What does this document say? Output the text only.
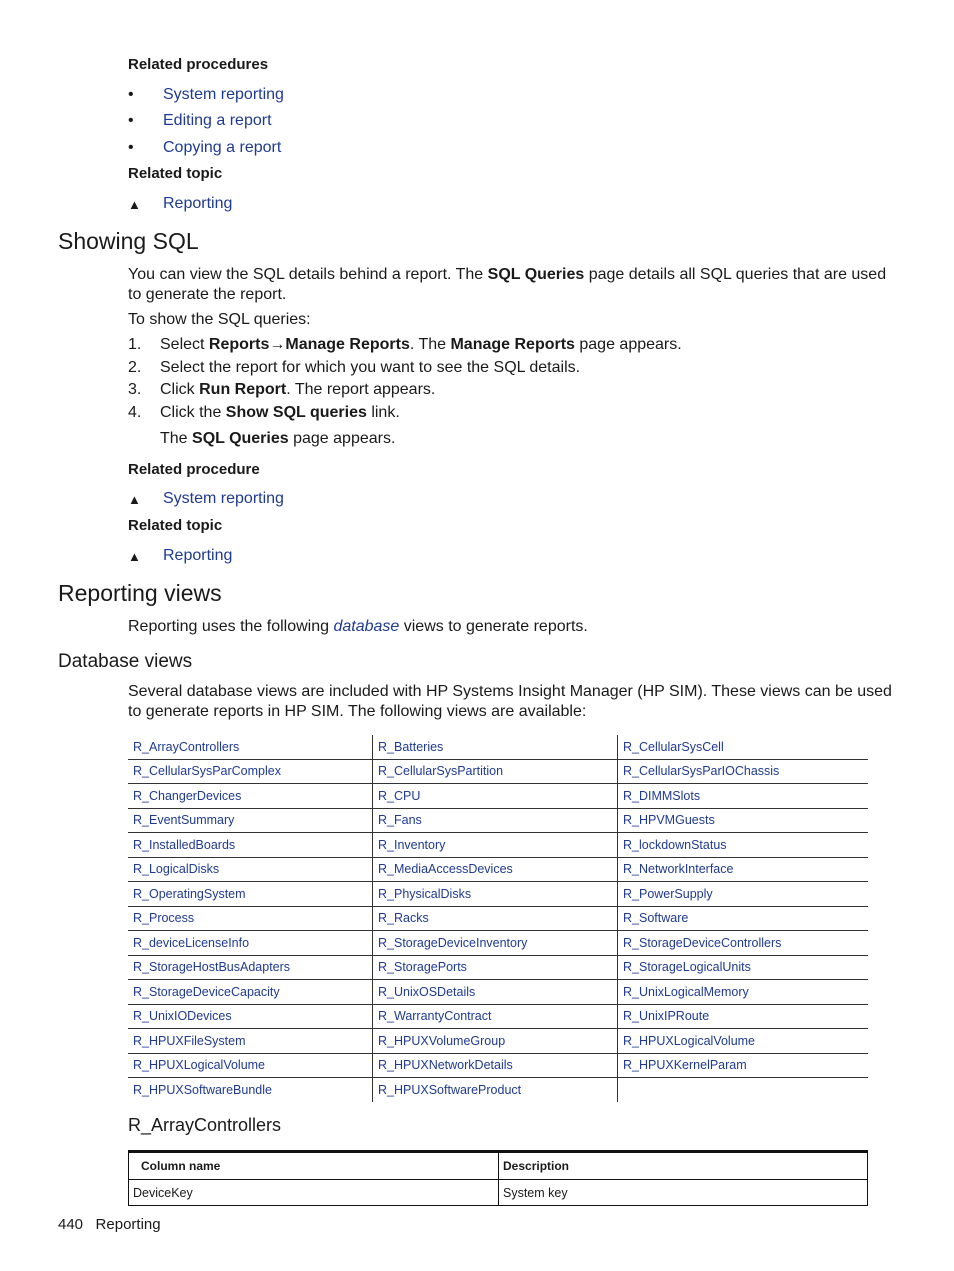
Related procedures
• System reporting
• Editing a report
• Copying a report
Related topic
▲ Reporting
Showing SQL
You can view the SQL details behind a report. The SQL Queries page details all SQL queries that are used
to generate the report.
To show the SQL queries:
1. Select Reports→Manage Reports. The Manage Reports page appears.
2. Select the report for which you want to see the SQL details.
3. Click Run Report. The report appears.
4. Click the Show SQL queries link.
The SQL Queries page appears.
Related procedure
▲ System reporting
Related topic
▲ Reporting
Reporting views
Reporting uses the following database views to generate reports.
Database views
Several database views are included with HP Systems Insight Manager (HP SIM). These views can be used
to generate reports in HP SIM. The following views are available:
R_ArrayControllers	R_Batteries	R_CellularSysCell
R_CellularSysParComplex	R_CellularSysPartition	R_CellularSysParIOChassis
R_ChangerDevices	R_CPU	R_DIMMSlots
R_EventSummary	R_Fans	R_HPVMGuests
R_InstalledBoards	R_Inventory	R_lockdownStatus
R_LogicalDisks	R_MediaAccessDevices	R_NetworkInterface
R_OperatingSystem	R_PhysicalDisks	R_PowerSupply
R_Process	R_Racks	R_Software
R_deviceLicenseInfo	R_StorageDeviceInventory	R_StorageDeviceControllers
R_StorageHostBusAdapters	R_StoragePorts	R_StorageLogicalUnits
R_StorageDeviceCapacity	R_UnixOSDetails	R_UnixLogicalMemory
R_UnixIODevices	R_WarrantyContract	R_UnixIPRoute
R_HPUXFileSystem	R_HPUXVolumeGroup	R_HPUXLogicalVolume
R_HPUXLogicalVolume	R_HPUXNetworkDetails	R_HPUXKernelParam
R_HPUXSoftwareBundle	R_HPUXSoftwareProduct	
R_ArrayControllers
Column name	Description
DeviceKey	System key
440 Reporting
